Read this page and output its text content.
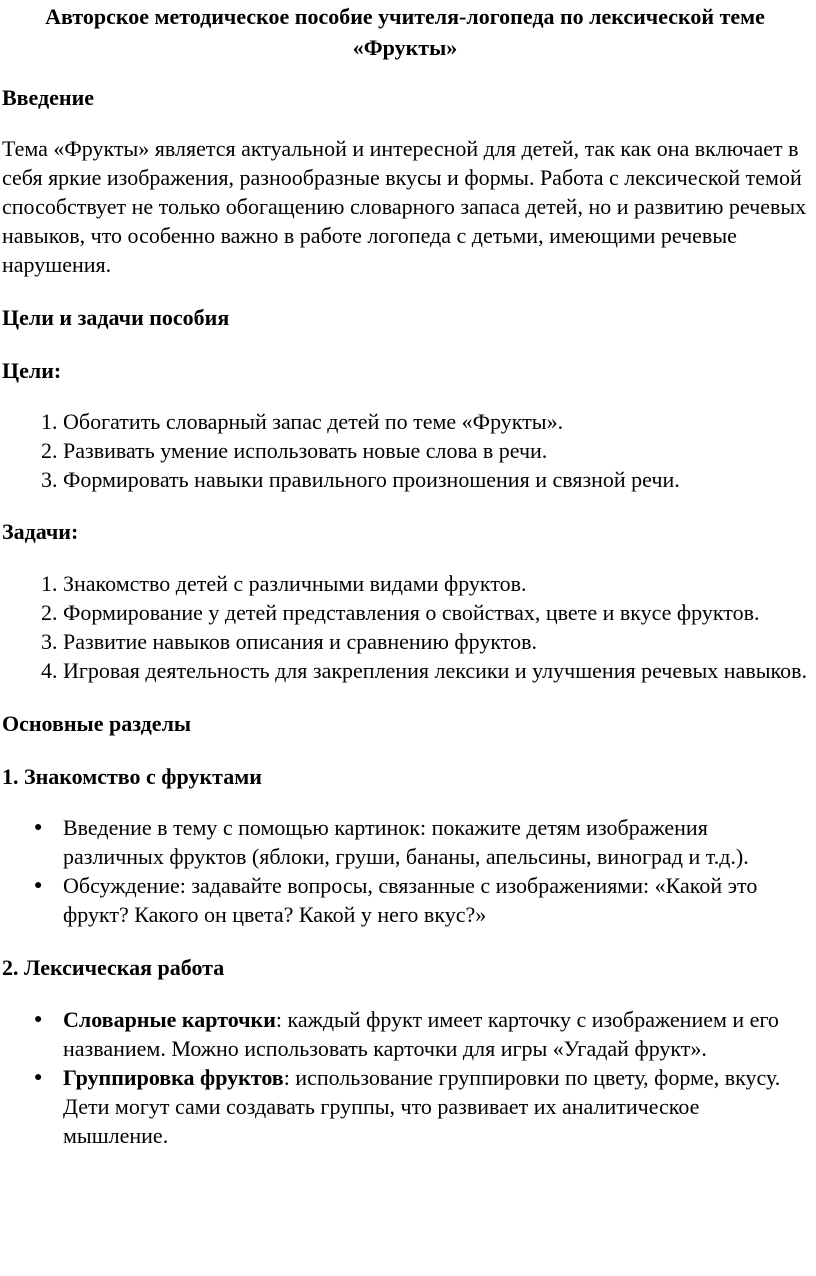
Авторское методическое пособие учителя-логопеда по лексической теме «Фрукты»

Введение

Тема «Фрукты» является актуальной и интересной для детей, так как она включает в себя яркие изображения, разнообразные вкусы и формы. Работа с лексической темой способствует не только обогащению словарного запаса детей, но и развитию речевых навыков, что особенно важно в работе логопеда с детьми, имеющими речевые нарушения.

Цели и задачи пособия

Цели:

1. Обогатить словарный запас детей по теме «Фрукты».
2. Развивать умение использовать новые слова в речи.
3. Формировать навыки правильного произношения и связной речи.

Задачи:

1. Знакомство детей с различными видами фруктов.
2. Формирование у детей представления о свойствах, цвете и вкусе фруктов.
3. Развитие навыков описания и сравнению фруктов.
4. Игровая деятельность для закрепления лексики и улучшения речевых навыков.

Основные разделы

1. Знакомство с фруктами

● Введение в тему с помощью картинок: покажите детям изображения различных фруктов (яблоки, груши, бананы, апельсины, виноград и т.д.).
● Обсуждение: задавайте вопросы, связанные с изображениями: «Какой это фрукт? Какого он цвета? Какой у него вкус?»

2. Лексическая работа

● Словарные карточки: каждый фрукт имеет карточку с изображением и его названием. Можно использовать карточки для игры «Угадай фрукт».
● Группировка фруктов: использование группировки по цвету, форме, вкусу. Дети могут сами создавать группы, что развивает их аналитическое мышление.
